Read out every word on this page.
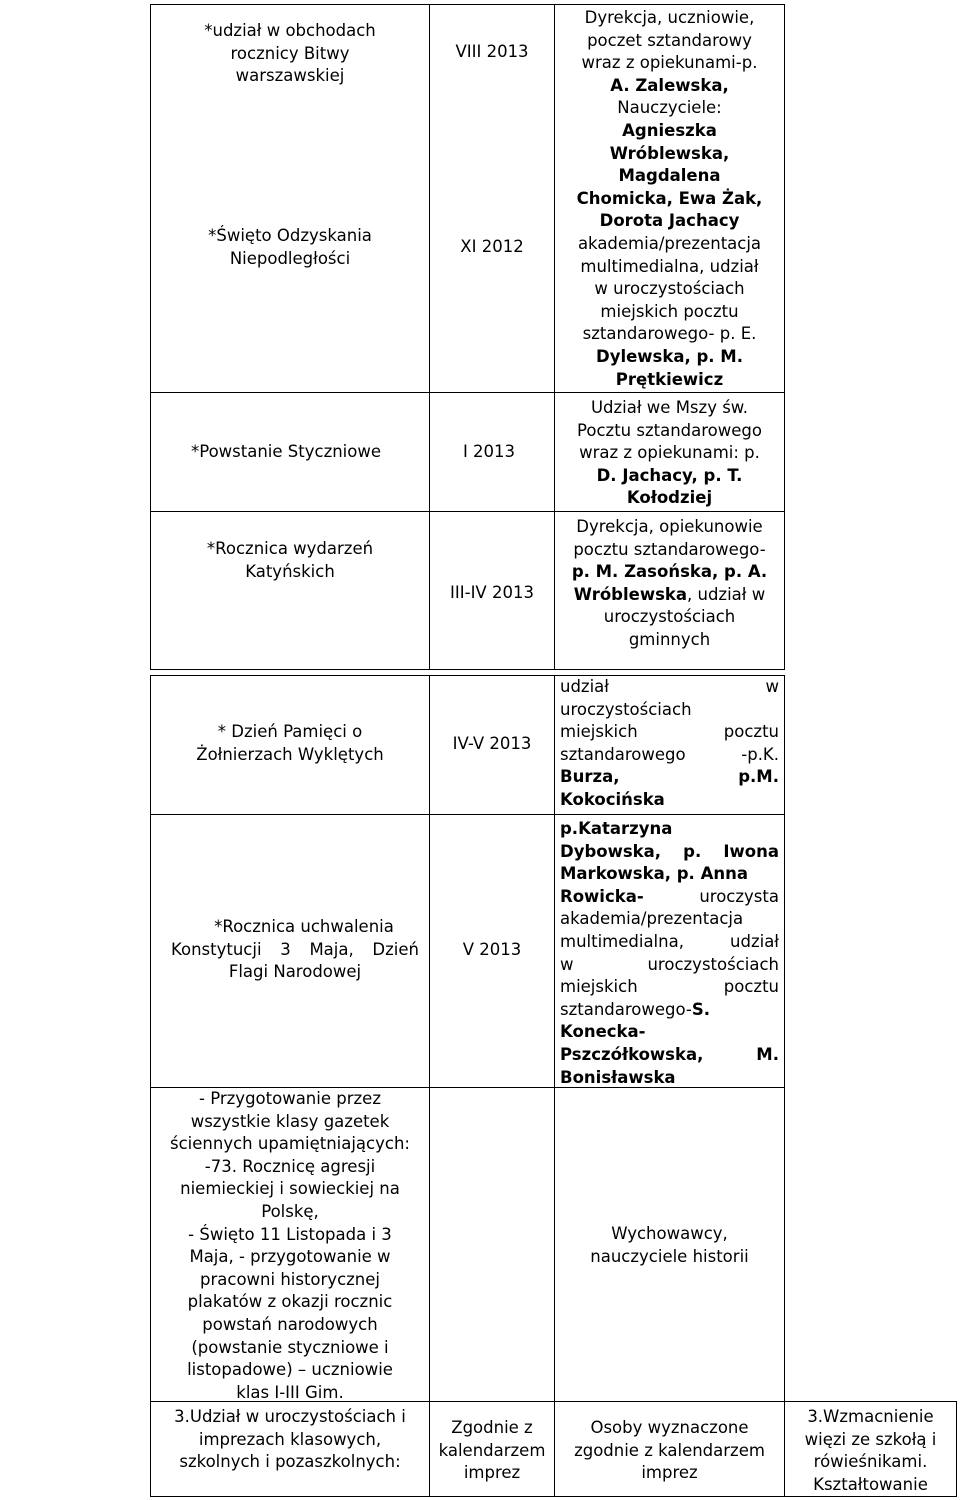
*udział w obchodach
rocznicy Bitwy
warszawskiej
VIII 2013
Dyrekcja, uczniowie,
poczet sztandarowy
wraz z opiekunami-p.
A. Zalewska,
Nauczyciele:
Agnieszka
Wróblewska,
Magdalena
Chomicka, Ewa Żak,
Dorota Jachacy
akademia/prezentacja
multimedialna, udział
w uroczystościach
miejskich pocztu
sztandarowego- p. E.
Dylewska, p. M.
Prętkiewicz
*Święto Odzyskania
Niepodległości
XI 2012
*Powstanie Styczniowe	I 2013
Udział we Mszy św.
Pocztu sztandarowego
wraz z opiekunami: p.
D. Jachacy, p. T.
Kołodziej
*Rocznica wydarzeń
Katyńskich
III-IV 2013
Dyrekcja, opiekunowie
pocztu sztandarowego-
p. M. Zasońska, p. A.
Wróblewska, udział w
uroczystościach
gminnych
* Dzień Pamięci o
Żołnierzach Wyklętych
IV-V 2013
udział w
uroczystościach
miejskich pocztu
sztandarowego -p.K.
Burza, p.M.
Kokocińska
*Rocznica uchwalenia
Konstytucji 3 Maja, Dzień
Flagi Narodowej
V 2013
p.Katarzyna
Dybowska, p. Iwona
Markowska, p. Anna
Rowicka- uroczysta
akademia/prezentacja
multimedialna, udział
w uroczystościach
miejskich pocztu
sztandarowego-S.
Konecka-
Pszczółkowska, M.
Bonisławska
- Przygotowanie przez
wszystkie klasy gazetek
ściennych upamiętniających:
-73. Rocznicę agresji
niemieckiej i sowieckiej na
Polskę,
- Święto 11 Listopada i 3
Maja, - przygotowanie w
pracowni historycznej
plakatów z okazji rocznic
powstań narodowych
(powstanie styczniowe i
listopadowe) – uczniowie
klas I-III Gim.
Wychowawcy,
nauczyciele historii
3.Udział w uroczystościach i
imprezach klasowych,
szkolnych i pozaszkolnych:
Zgodnie z
kalendarzem
imprez
Osoby wyznaczone
zgodnie z kalendarzem
imprez
3.Wzmacnienie
więzi ze szkołą i
rówieśnikami.
Kształtowanie
